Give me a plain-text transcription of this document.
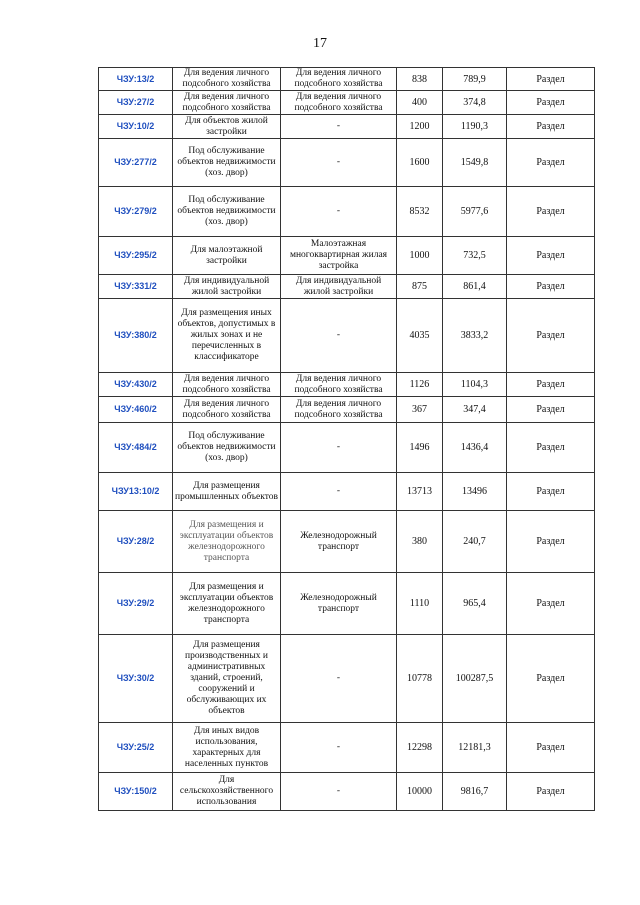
17
ЧЗУ:13/2	Для ведения личного подсобного хозяйства	Для ведения личного подсобного хозяйства	838	789,9	Раздел
ЧЗУ:27/2	Для ведения личного подсобного хозяйства	Для ведения личного подсобного хозяйства	400	374,8	Раздел
ЧЗУ:10/2	Для объектов жилой застройки	-	1200	1190,3	Раздел
ЧЗУ:277/2	Под обслуживание объектов недвижимости (хоз. двор)	-	1600	1549,8	Раздел
ЧЗУ:279/2	Под обслуживание объектов недвижимости (хоз. двор)	-	8532	5977,6	Раздел
ЧЗУ:295/2	Для малоэтажной застройки	Малоэтажная многоквартирная жилая застройка	1000	732,5	Раздел
ЧЗУ:331/2	Для индивидуальной жилой застройки	Для индивидуальной жилой застройки	875	861,4	Раздел
ЧЗУ:380/2	Для размещения иных объектов, допустимых в жилых зонах и не перечисленных в классификаторе	-	4035	3833,2	Раздел
ЧЗУ:430/2	Для ведения личного подсобного хозяйства	Для ведения личного подсобного хозяйства	1126	1104,3	Раздел
ЧЗУ:460/2	Для ведения личного подсобного хозяйства	Для ведения личного подсобного хозяйства	367	347,4	Раздел
ЧЗУ:484/2	Под обслуживание объектов недвижимости (хоз. двор)	-	1496	1436,4	Раздел
ЧЗУ13:10/2	Для размещения промышленных объектов	-	13713	13496	Раздел
ЧЗУ:28/2	Для размещения и эксплуатации объектов железнодорожного транспорта	Железнодорожный транспорт	380	240,7	Раздел
ЧЗУ:29/2	Для размещения и эксплуатации объектов железнодорожного транспорта	Железнодорожный транспорт	1110	965,4	Раздел
ЧЗУ:30/2	Для размещения производственных и административных зданий, строений, сооружений и обслуживающих их объектов	-	10778	100287,5	Раздел
ЧЗУ:25/2	Для иных видов использования, характерных для населенных пунктов	-	12298	12181,3	Раздел
ЧЗУ:150/2	Для сельскохозяйственного использования	-	10000	9816,7	Раздел
